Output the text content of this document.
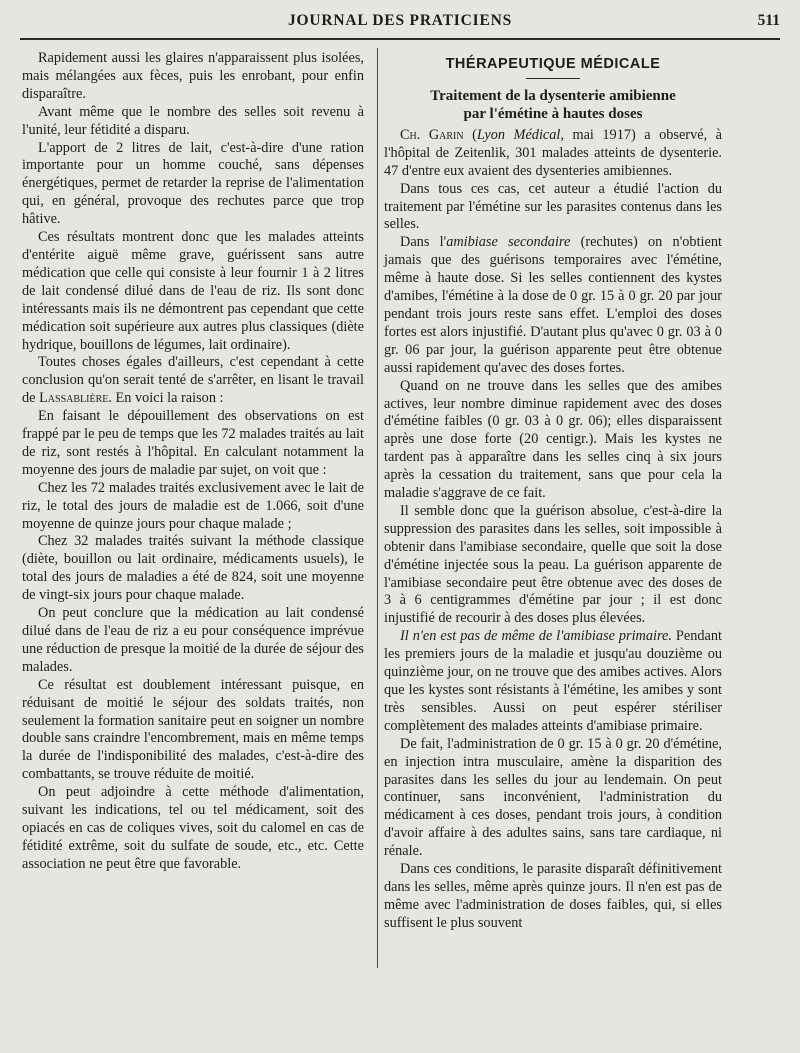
JOURNAL DES PRATICIENS	511

Rapidement aussi les glaires n'apparaissent plus isolées, mais mélangées aux fèces, puis les enrobant, pour enfin disparaître.

Avant même que le nombre des selles soit revenu à l'unité, leur fétidité a disparu.

L'apport de 2 litres de lait, c'est-à-dire d'une ration importante pour un homme couché, sans dépenses énergétiques, permet de retarder la reprise de l'alimentation qui, en général, provoque des rechutes parce que trop hâtive.

Ces résultats montrent donc que les malades atteints d'entérite aiguë même grave, guérissent sans autre médication que celle qui consiste à leur fournir 1 à 2 litres de lait condensé dilué dans de l'eau de riz. Ils sont donc intéressants mais ils ne démontrent pas cependant que cette médication soit supérieure aux autres plus classiques (diète hydrique, bouillons de légumes, lait ordinaire).

Toutes choses égales d'ailleurs, c'est cependant à cette conclusion qu'on serait tenté de s'arrêter, en lisant le travail de Lassablière. En voici la raison :

En faisant le dépouillement des observations on est frappé par le peu de temps que les 72 malades traités au lait de riz, sont restés à l'hôpital. En calculant notamment la moyenne des jours de maladie par sujet, on voit que :

Chez les 72 malades traités exclusivement avec le lait de riz, le total des jours de maladie est de 1.066, soit d'une moyenne de quinze jours pour chaque malade ;

Chez 32 malades traités suivant la méthode classique (diète, bouillon ou lait ordinaire, médicaments usuels), le total des jours de maladies a été de 824, soit une moyenne de vingt-six jours pour chaque malade.

On peut conclure que la médication au lait condensé dilué dans de l'eau de riz a eu pour conséquence imprévue une réduction de presque la moitié de la durée de séjour des malades.

Ce résultat est doublement intéressant puisque, en réduisant de moitié le séjour des soldats traités, non seulement la formation sanitaire peut en soigner un nombre double sans craindre l'encombrement, mais en même temps la durée de l'indisponibilité des malades, c'est-à-dire des combattants, se trouve réduite de moitié.

On peut adjoindre à cette méthode d'alimentation, suivant les indications, tel ou tel médicament, soit des opiacés en cas de coliques vives, soit du calomel en cas de fétidité extrême, soit du sulfate de soude, etc., etc. Cette association ne peut être que favorable.

THÉRAPEUTIQUE MÉDICALE
Traitement de la dysenterie amibienne
par l'émétine à hautes doses

Ch. Garin (Lyon Médical, mai 1917) a observé, à l'hôpital de Zeitenlik, 301 malades atteints de dysenterie. 47 d'entre eux avaient des dysenteries amibiennes.

Dans tous ces cas, cet auteur a étudié l'action du traitement par l'émétine sur les parasites contenus dans les selles.

Dans l'amibiase secondaire (rechutes) on n'obtient jamais que des guérisons temporaires avec l'émétine, même à haute dose. Si les selles contiennent des kystes d'amibes, l'émétine à la dose de 0 gr. 15 à 0 gr. 20 par jour pendant trois jours reste sans effet. L'emploi des doses fortes est alors injustifié. D'autant plus qu'avec 0 gr. 03 à 0 gr. 06 par jour, la guérison apparente peut être obtenue aussi rapidement qu'avec des doses fortes.

Quand on ne trouve dans les selles que des amibes actives, leur nombre diminue rapidement avec des doses d'émétine faibles (0 gr. 03 à 0 gr. 06); elles disparaissent après une dose forte (20 centigr.). Mais les kystes ne tardent pas à apparaître dans les selles cinq à six jours après la cessation du traitement, sans que pour cela la maladie s'aggrave de ce fait.

Il semble donc que la guérison absolue, c'est-à-dire la suppression des parasites dans les selles, soit impossible à obtenir dans l'amibiase secondaire, quelle que soit la dose d'émétine injectée sous la peau. La guérison apparente de l'amibiase secondaire peut être obtenue avec des doses de 3 à 6 centigrammes d'émétine par jour ; il est donc injustifié de recourir à des doses plus élevées.

Il n'en est pas de même de l'amibiase primaire. Pendant les premiers jours de la maladie et jusqu'au douzième ou quinzième jour, on ne trouve que des amibes actives. Alors que les kystes sont résistants à l'émétine, les amibes y sont très sensibles. Aussi on peut espérer stériliser complètement des malades atteints d'amibiase primaire.

De fait, l'administration de 0 gr. 15 à 0 gr. 20 d'émétine, en injection intra musculaire, amène la disparition des parasites dans les selles du jour au lendemain. On peut continuer, sans inconvénient, l'administration du médicament à ces doses, pendant trois jours, à condition d'avoir affaire à des adultes sains, sans tare cardiaque, ni rénale.

Dans ces conditions, le parasite disparaît définitivement dans les selles, même après quinze jours. Il n'en est pas de même avec l'administration de doses faibles, qui, si elles suffisent le plus souvent
